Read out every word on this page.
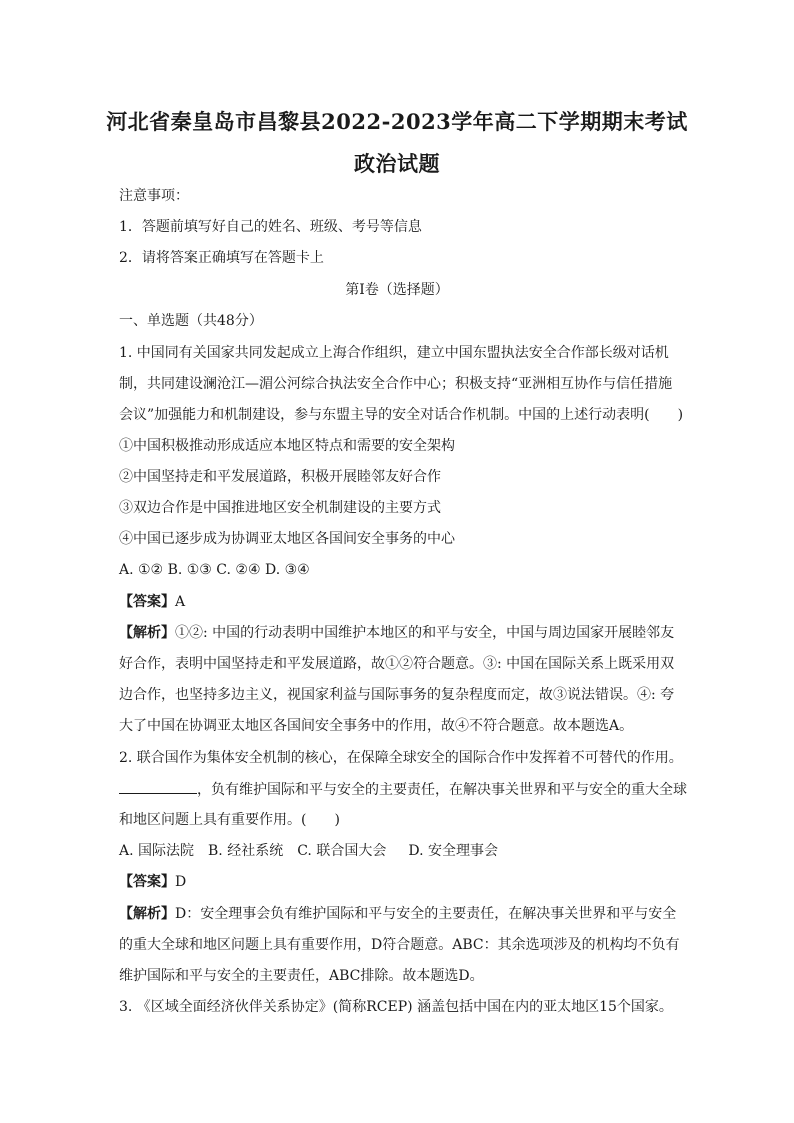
河北省秦皇岛市昌黎县2022-2023学年高二下学期期末考试
政治试题
注意事项：
1．答题前填写好自己的姓名、班级、考号等信息
2．请将答案正确填写在答题卡上
第I卷（选择题）
一、单选题（共48分）
1. 中国同有关国家共同发起成立上海合作组织，建立中国东盟执法安全合作部长级对话机
制，共同建设澜沧江—湄公河综合执法安全合作中心；积极支持“亚洲相互协作与信任措施
会议”加强能力和机制建设，参与东盟主导的安全对话合作机制。中国的上述行动表明(　　)
①中国积极推动形成适应本地区特点和需要的安全架构
②中国坚持走和平发展道路，积极开展睦邻友好合作
③双边合作是中国推进地区安全机制建设的主要方式
④中国已逐步成为协调亚太地区各国间安全事务的中心
A. ①② B. ①③ C. ②④ D. ③④
【答案】A
【解析】①②: 中国的行动表明中国维护本地区的和平与安全，中国与周边国家开展睦邻友
好合作，表明中国坚持走和平发展道路，故①②符合题意。③: 中国在国际关系上既采用双
边合作，也坚持多边主义，视国家利益与国际事务的复杂程度而定，故③说法错误。④: 夸
大了中国在协调亚太地区各国间安全事务中的作用，故④不符合题意。故本题选A。
2. 联合国作为集体安全机制的核心，在保障全球安全的国际合作中发挥着不可替代的作用。
，负有维护国际和平与安全的主要责任，在解决事关世界和平与安全的重大全球
和地区问题上具有重要作用。(　　)
A. 国际法院 B. 经社系统 C. 联合国大会 D. 安全理事会
【答案】D
【解析】D：安全理事会负有维护国际和平与安全的主要责任，在解决事关世界和平与安全
的重大全球和地区问题上具有重要作用，D符合题意。ABC：其余选项涉及的机构均不负有
维护国际和平与安全的主要责任，ABC排除。故本题选D。
3. 《区域全面经济伙伴关系协定》(简称RCEP) 涵盖包括中国在内的亚太地区15个国家。
